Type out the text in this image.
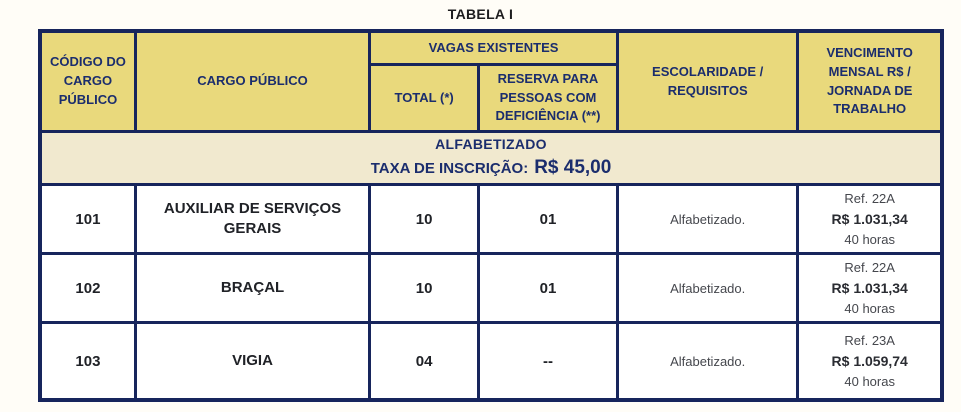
TABELA I
CÓDIGO DO CARGO PÚBLICO	CARGO PÚBLICO	VAGAS EXISTENTES		ESCOLARIDADE / REQUISITOS	VENCIMENTO MENSAL R$ / JORNADA DE TRABALHO
		TOTAL (*)	RESERVA PARA PESSOAS COM DEFICIÊNCIA (**)		

ALFABETIZADO
TAXA DE INSCRIÇÃO: R$ 45,00					

101	AUXILIAR DE SERVIÇOS GERAIS	10	01	Alfabetizado.	Ref. 22A
R$ 1.031,34
40 horas

102	BRAÇAL	10	01	Alfabetizado.	Ref. 22A
R$ 1.031,34
40 horas

103	VIGIA	04	--	Alfabetizado.	Ref. 23A
R$ 1.059,74
40 horas
